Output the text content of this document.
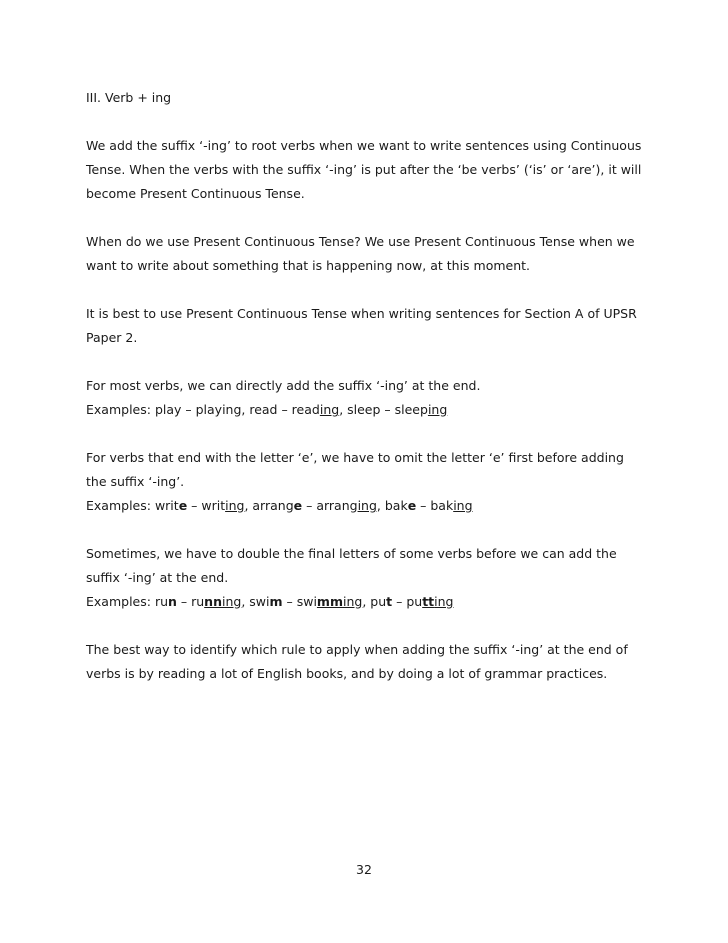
III. Verb + ing
We add the suffix ‘-ing’ to root verbs when we want to write sentences using Continuous
Tense. When the verbs with the suffix ‘-ing’ is put after the ‘be verbs’ (‘is’ or ‘are’), it will
become Present Continuous Tense.
When do we use Present Continuous Tense? We use Present Continuous Tense when we
want to write about something that is happening now, at this moment.
It is best to use Present Continuous Tense when writing sentences for Section A of UPSR
Paper 2.
For most verbs, we can directly add the suffix ‘-ing’ at the end.
Examples: play – playing, read – reading, sleep – sleeping
For verbs that end with the letter ‘e’, we have to omit the letter ‘e’ first before adding
the suffix ‘-ing’.
Examples: write – writing, arrange – arranging, bake – baking
Sometimes, we have to double the final letters of some verbs before we can add the
suffix ‘-ing’ at the end.
Examples: run – running, swim – swimming, put – putting
The best way to identify which rule to apply when adding the suffix ‘-ing’ at the end of
verbs is by reading a lot of English books, and by doing a lot of grammar practices.
32
